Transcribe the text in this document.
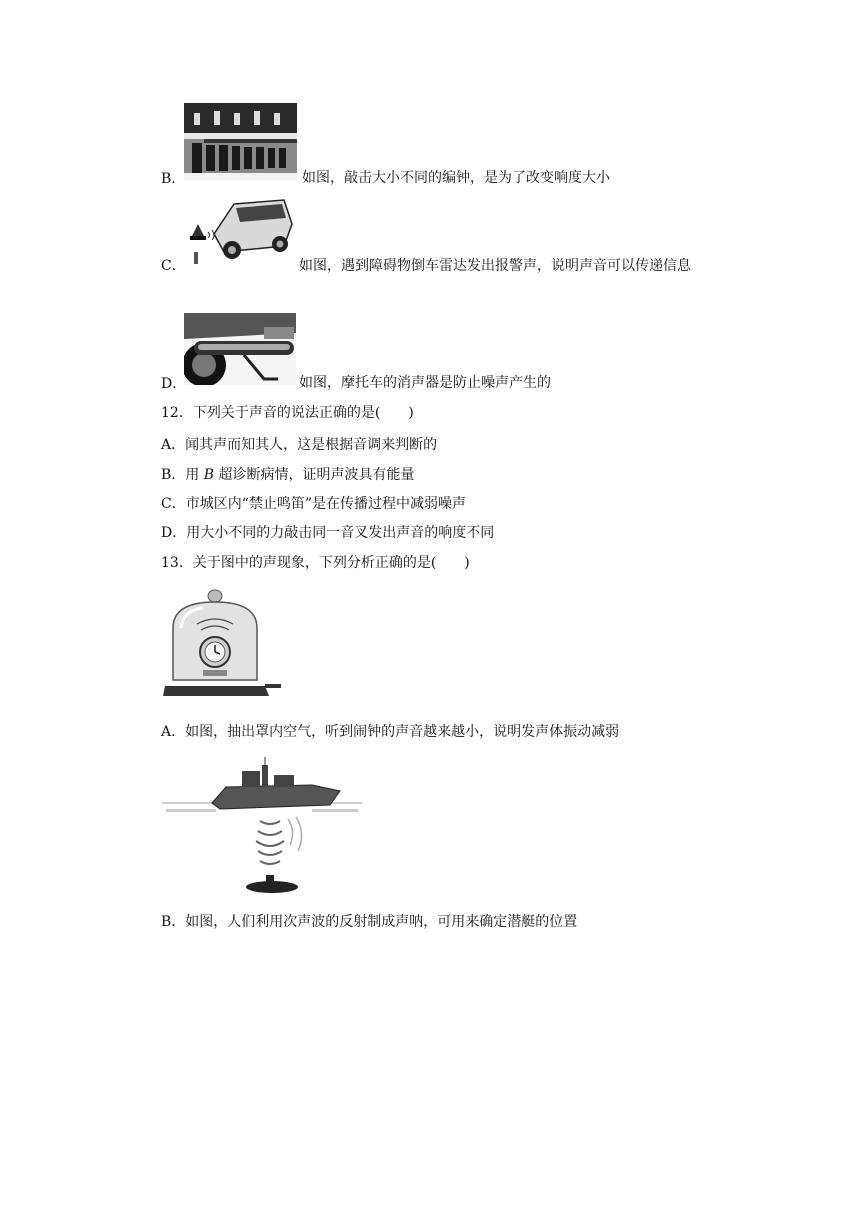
B．	如图，敲击大小不同的编钟，是为了改变响度大小
C．	如图，遇到障碍物倒车雷达发出报警声，说明声音可以传递信息
D．	如图，摩托车的消声器是防止噪声产生的
12．下列关于声音的说法正确的是(　　)
A．闻其声而知其人，这是根据音调来判断的
B．用 B 超诊断病情，证明声波具有能量
C．市城区内“禁止鸣笛”是在传播过程中减弱噪声
D．用大小不同的力敲击同一音叉发出声音的响度不同
13．关于图中的声现象，下列分析正确的是(　　)
A．如图，抽出罩内空气，听到闹钟的声音越来越小，说明发声体振动减弱
B．如图，人们利用次声波的反射制成声呐，可用来确定潜艇的位置
